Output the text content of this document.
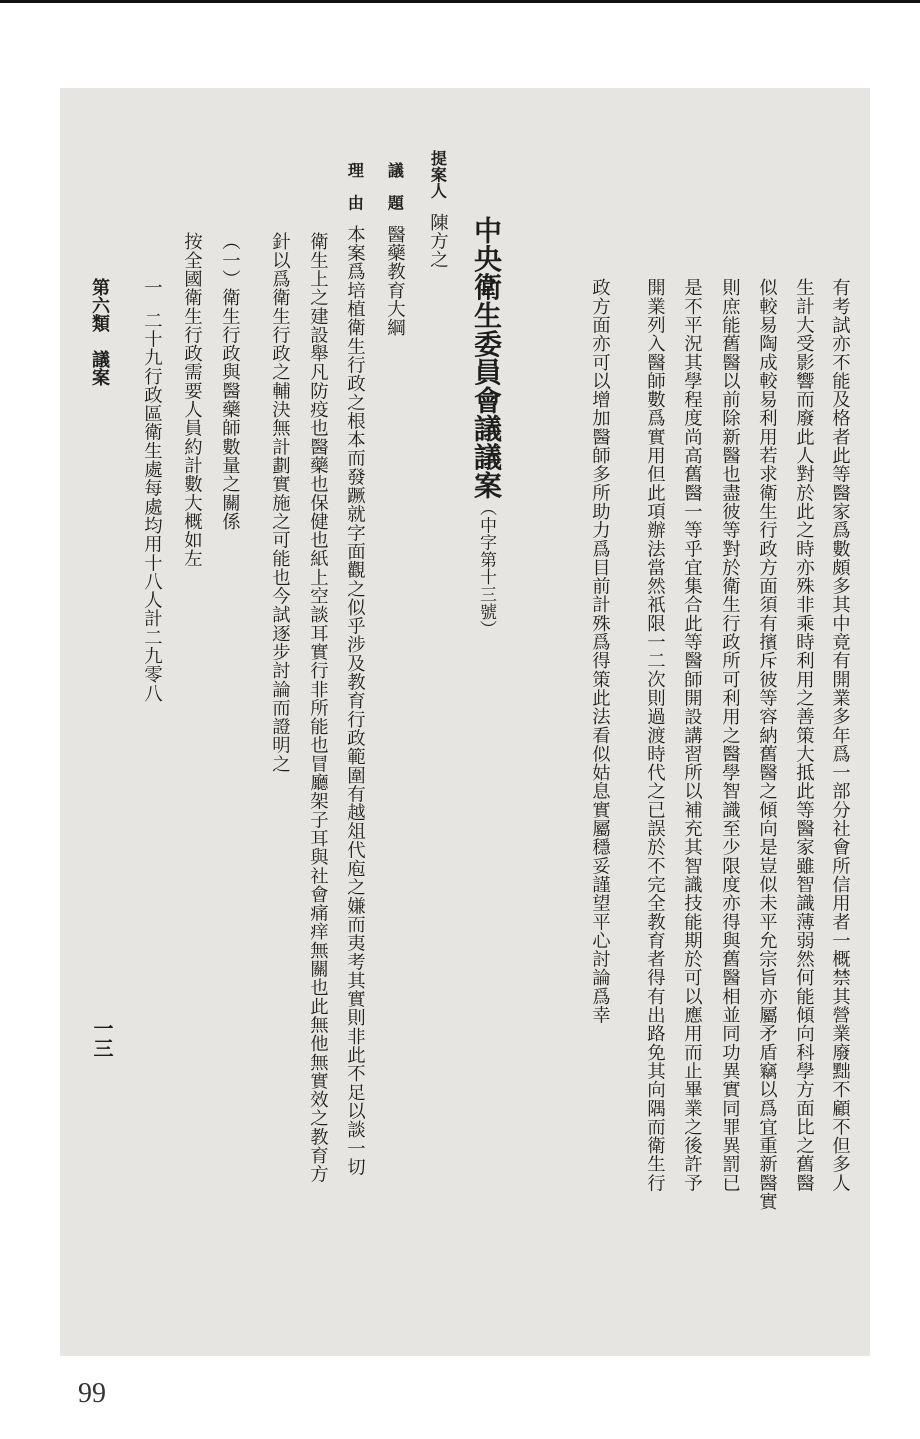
有考試亦不能及格者此等醫家爲數頗多其中竟有開業多年爲一部分社會所信用者一概禁其營業廢黜不顧不但多人
生計大受影響而廢此人對於此之時亦殊非乘時利用之善策大抵此等醫家雖智識薄弱然何能傾向科學方面比之舊醫
似較易陶成較易利用若求衛生行政方面須有擯斥彼等容納舊醫之傾向是豈似未平允宗旨亦屬矛盾竊以爲宜重新醫實
則庶能舊醫以前除新醫也盡彼等對於衛生行政所可利用之醫學智識至少限度亦得與舊醫相並同功異實同罪異罰已
是不平況其學程度尚高舊醫一等乎宜集合此等醫師開設講習所以補充其智識技能期於可以應用而止畢業之後許予
開業列入醫師數爲實用但此項辦法當然祇限一二次則過渡時代之已誤於不完全教育者得有出路免其向隅而衛生行
政方面亦可以增加醫師多所助力爲目前計殊爲得策此法看似姑息實屬穩妥謹望平心討論爲幸
中央衛生委員會議議案（中字第十三號）
提案人陳方之
議　題醫藥教育大綱
理　由本案爲培植衛生行政之根本而發蹶就字面觀之似乎涉及教育行政範圍有越俎代庖之嫌而夷考其實則非此不足以談一切
衛生上之建設舉凡防疫也醫藥也保健也紙上空談耳實行非所能也冒廳架子耳與社會痛痒無關也此無他無實效之教育方
針以爲衛生行政之輔決無計劃實施之可能也今試逐步討論而證明之
（一）衛生行政與醫藥師數量之關係
按全國衛生行政需要人員約計數大概如左
一二十九行政區衛生處每處均用十八人計二九零八
第六類　議案
一三
99
